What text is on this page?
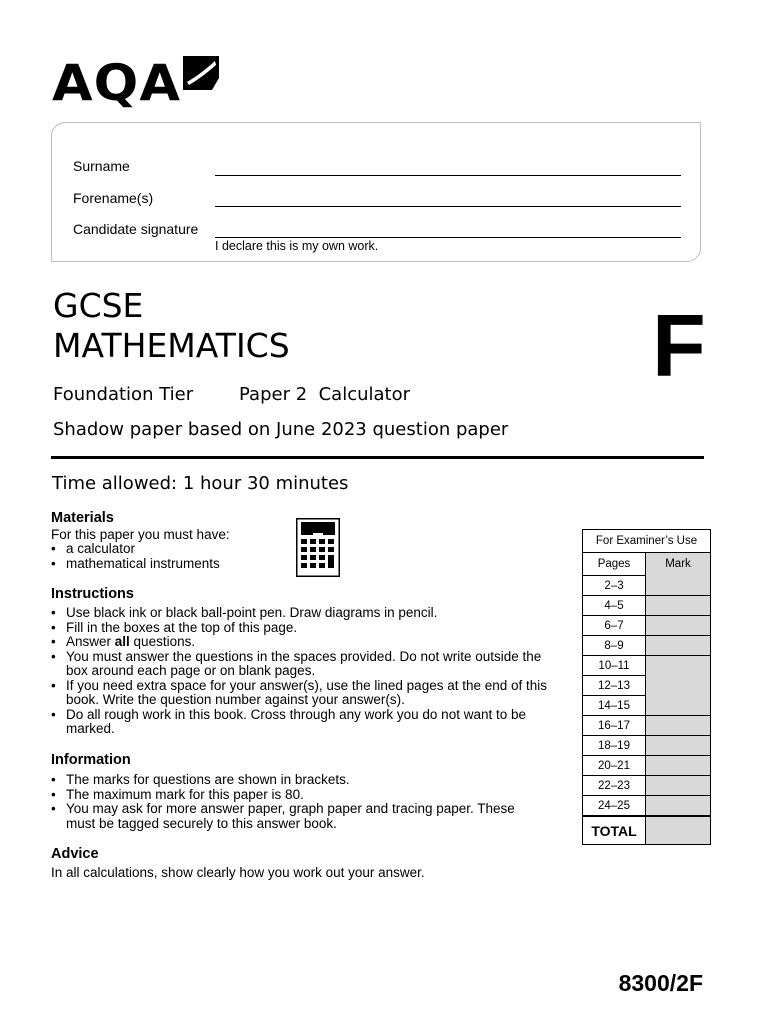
AQA
Surname
Forename(s)
Candidate signature
I declare this is my own work.
GCSE
MATHEMATICS
Foundation Tier	Paper 2  Calculator
Shadow paper based on June 2023 question paper
F
Time allowed: 1 hour 30 minutes
Materials
For this paper you must have:
• a calculator
• mathematical instruments
Instructions
• Use black ink or black ball-point pen. Draw diagrams in pencil.
• Fill in the boxes at the top of this page.
• Answer all questions.
• You must answer the questions in the spaces provided. Do not write outside the box around each page or on blank pages.
• If you need extra space for your answer(s), use the lined pages at the end of this book. Write the question number against your answer(s).
• Do all rough work in this book. Cross through any work you do not want to be marked.
Information
• The marks for questions are shown in brackets.
• The maximum mark for this paper is 80.
• You may ask for more answer paper, graph paper and tracing paper. These must be tagged securely to this answer book.
Advice
In all calculations, show clearly how you work out your answer.
For Examiner’s Use	
Pages	Mark
2–3	
4–5	
6–7	
8–9	
10–11	
12–13	
14–15	
16–17	
18–19	
20–21	
22–23	
24–25	
TOTAL	
8300/2F
